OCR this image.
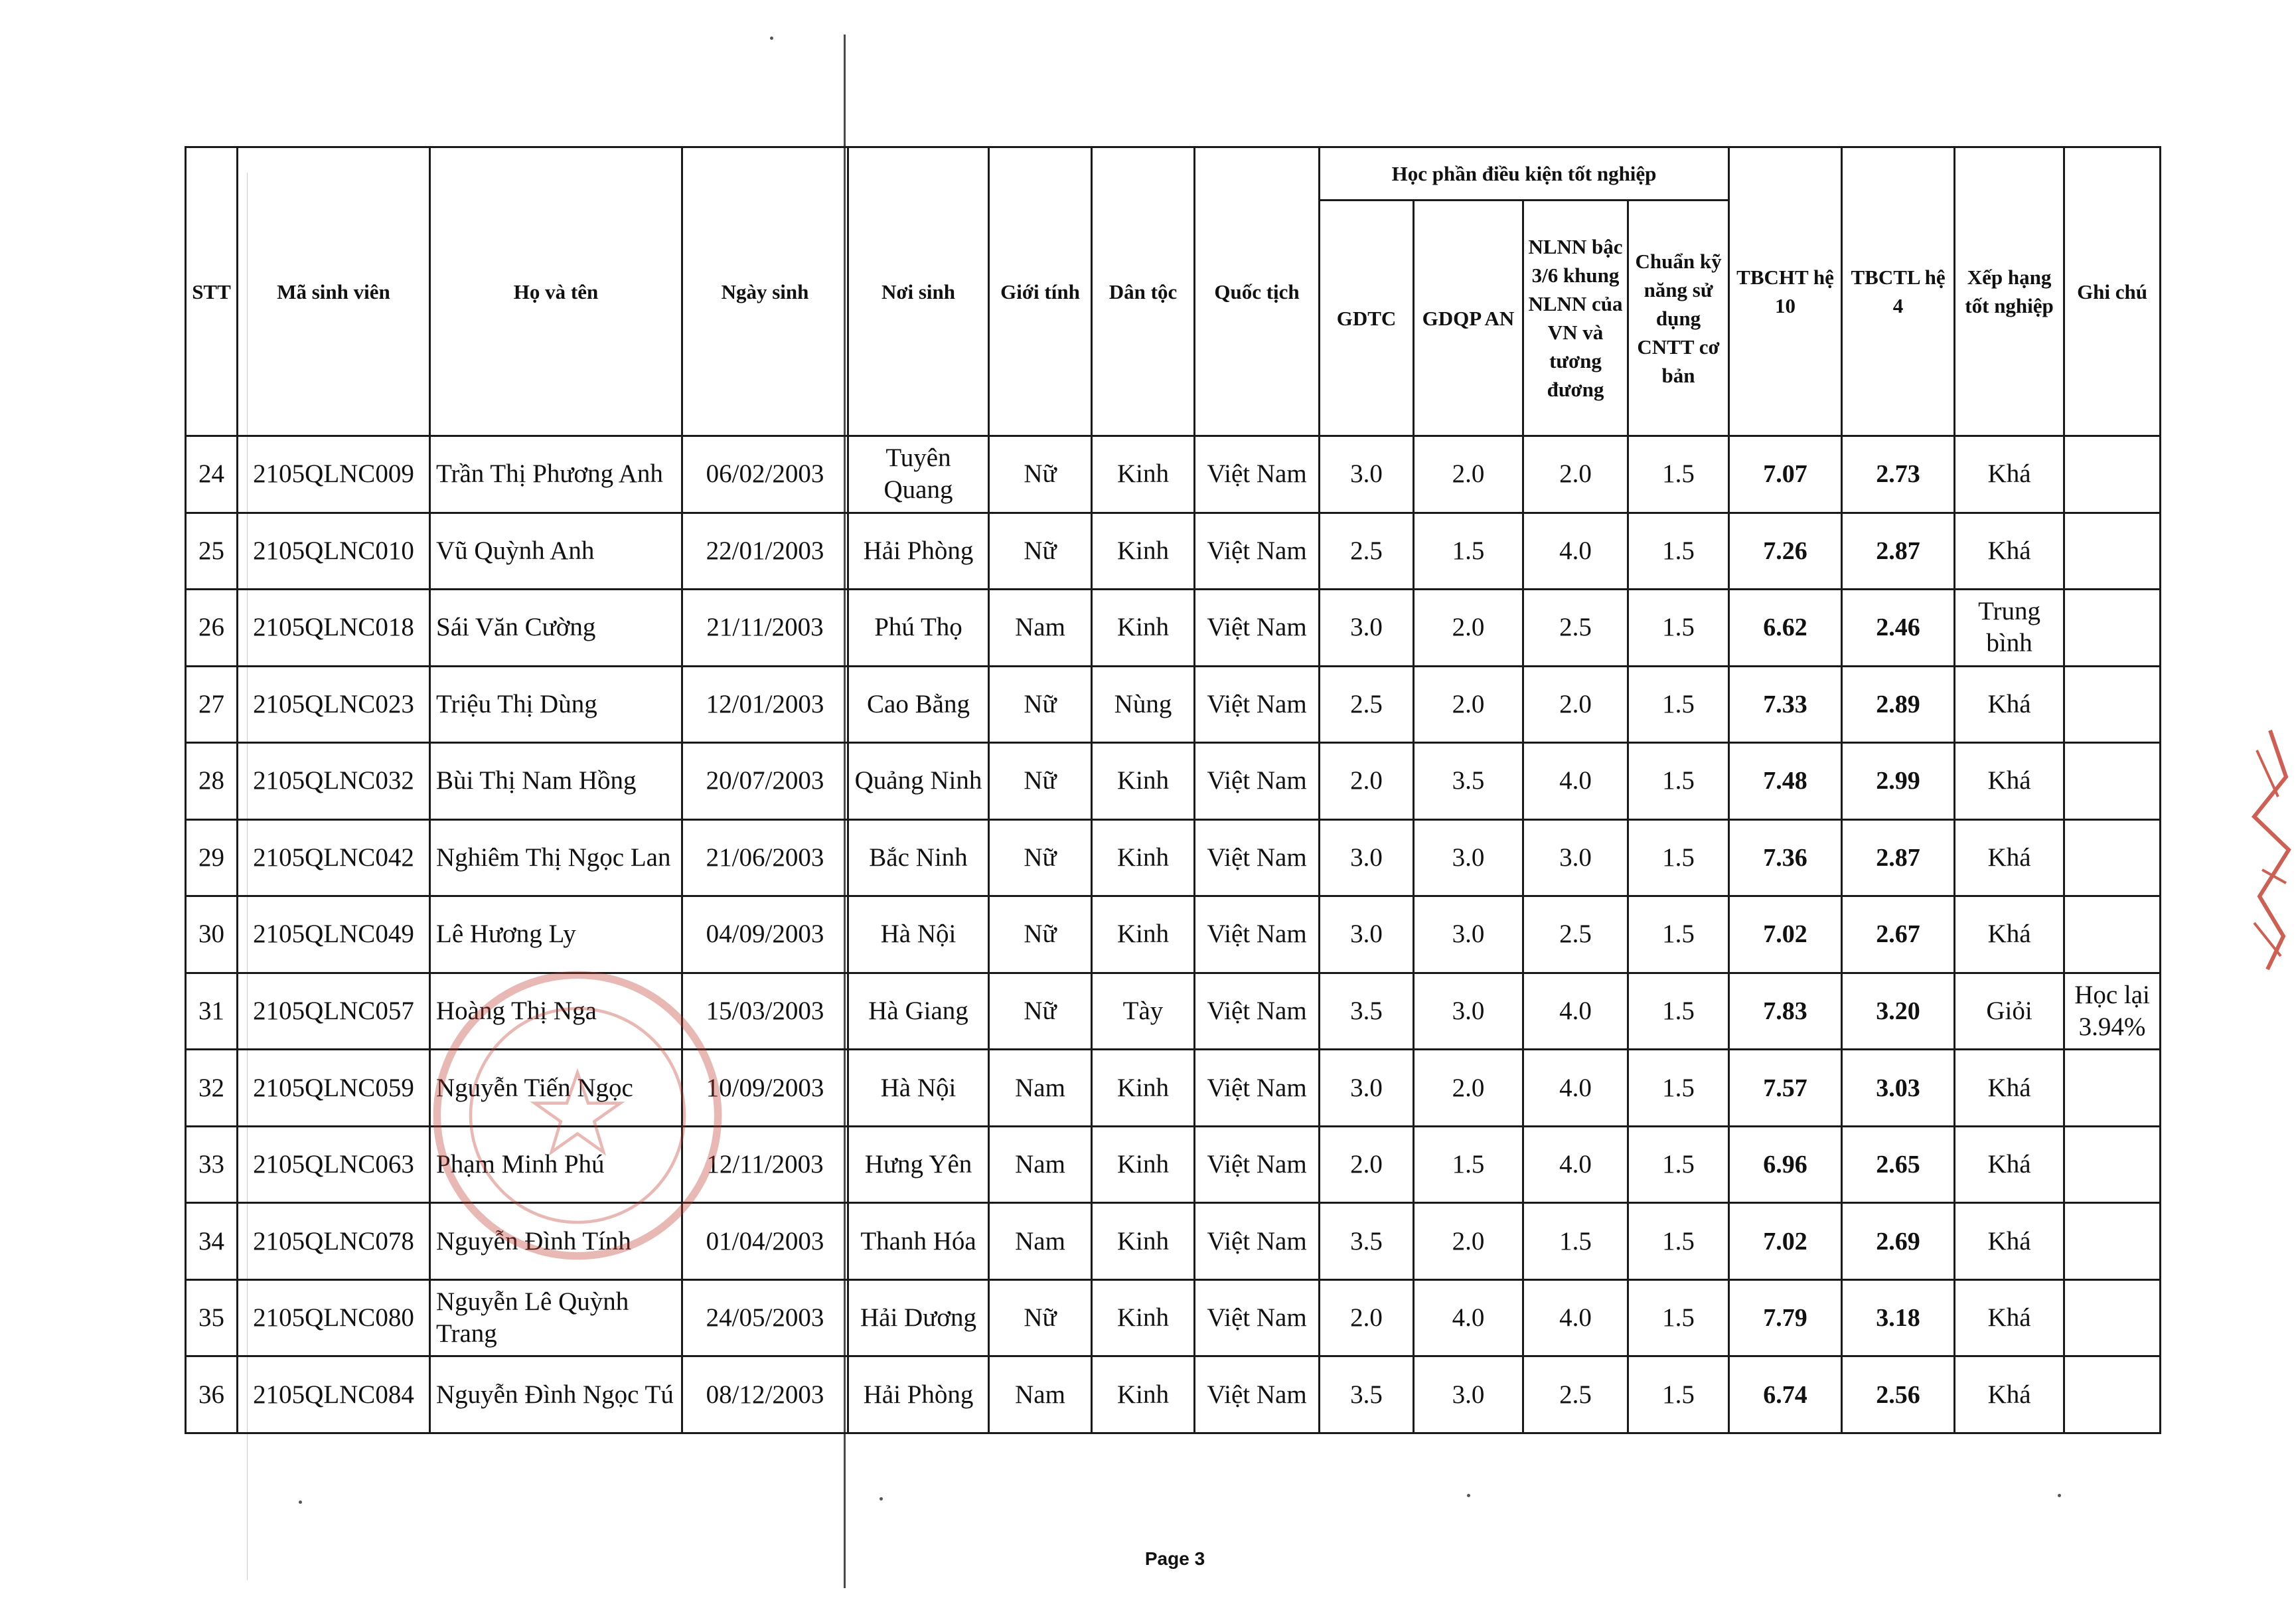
STT	Mã sinh viên	Họ và tên	Ngày sinh	Nơi sinh	Giới tính	Dân tộc	Quốc tịch	Học phần điều kiện tốt nghiệp				TBCHT hệ 10	TBCTL hệ 4	Xếp hạng tốt nghiệp	Ghi chú
								GDTC	GDQP AN	NLNN bậc 3/6 khung NLNN của VN và tương đương	Chuẩn kỹ năng sử dụng CNTT cơ bản				
24	2105QLNC009	Trần Thị Phương Anh	06/02/2003	Tuyên Quang	Nữ	Kinh	Việt Nam	3.0	2.0	2.0	1.5	7.07	2.73	Khá	
25	2105QLNC010	Vũ Quỳnh Anh	22/01/2003	Hải Phòng	Nữ	Kinh	Việt Nam	2.5	1.5	4.0	1.5	7.26	2.87	Khá	
26	2105QLNC018	Sái Văn Cường	21/11/2003	Phú Thọ	Nam	Kinh	Việt Nam	3.0	2.0	2.5	1.5	6.62	2.46	Trung bình	
27	2105QLNC023	Triệu Thị Dùng	12/01/2003	Cao Bằng	Nữ	Nùng	Việt Nam	2.5	2.0	2.0	1.5	7.33	2.89	Khá	
28	2105QLNC032	Bùi Thị Nam Hồng	20/07/2003	Quảng Ninh	Nữ	Kinh	Việt Nam	2.0	3.5	4.0	1.5	7.48	2.99	Khá	
29	2105QLNC042	Nghiêm Thị Ngọc Lan	21/06/2003	Bắc Ninh	Nữ	Kinh	Việt Nam	3.0	3.0	3.0	1.5	7.36	2.87	Khá	
30	2105QLNC049	Lê Hương Ly	04/09/2003	Hà Nội	Nữ	Kinh	Việt Nam	3.0	3.0	2.5	1.5	7.02	2.67	Khá	
31	2105QLNC057	Hoàng Thị Nga	15/03/2003	Hà Giang	Nữ	Tày	Việt Nam	3.5	3.0	4.0	1.5	7.83	3.20	Giỏi	Học lại 3.94%
32	2105QLNC059	Nguyễn Tiến Ngọc	10/09/2003	Hà Nội	Nam	Kinh	Việt Nam	3.0	2.0	4.0	1.5	7.57	3.03	Khá	
33	2105QLNC063	Phạm Minh Phú	12/11/2003	Hưng Yên	Nam	Kinh	Việt Nam	2.0	1.5	4.0	1.5	6.96	2.65	Khá	
34	2105QLNC078	Nguyễn Đình Tính	01/04/2003	Thanh Hóa	Nam	Kinh	Việt Nam	3.5	2.0	1.5	1.5	7.02	2.69	Khá	
35	2105QLNC080	Nguyễn Lê Quỳnh Trang	24/05/2003	Hải Dương	Nữ	Kinh	Việt Nam	2.0	4.0	4.0	1.5	7.79	3.18	Khá	
36	2105QLNC084	Nguyễn Đình Ngọc Tú	08/12/2003	Hải Phòng	Nam	Kinh	Việt Nam	3.5	3.0	2.5	1.5	6.74	2.56	Khá	
Page 3
